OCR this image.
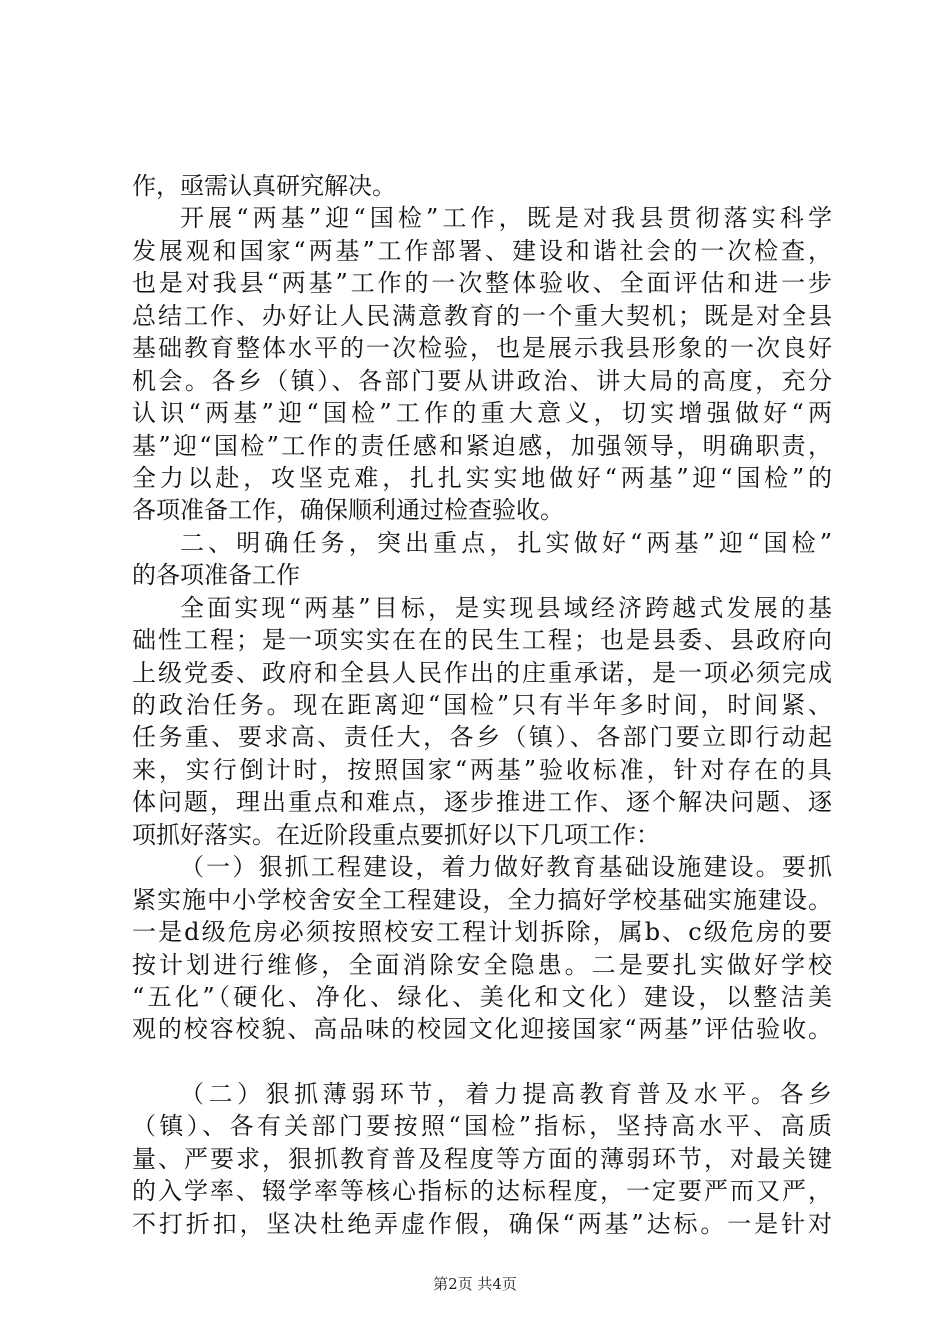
作，亟需认真研究解决。
开展“两基”迎“国检”工作，既是对我县贯彻落实科学
发展观和国家“两基”工作部署、建设和谐社会的一次检查，
也是对我县“两基”工作的一次整体验收、全面评估和进一步
总结工作、办好让人民满意教育的一个重大契机；既是对全县
基础教育整体水平的一次检验，也是展示我县形象的一次良好
机会。各乡（镇）、各部门要从讲政治、讲大局的高度，充分
认识“两基”迎“国检”工作的重大意义，切实增强做好“两
基”迎“国检”工作的责任感和紧迫感，加强领导，明确职责，
全力以赴，攻坚克难，扎扎实实地做好“两基”迎“国检”的
各项准备工作，确保顺利通过检查验收。
二、明确任务，突出重点，扎实做好“两基”迎“国检”
的各项准备工作
全面实现“两基”目标，是实现县域经济跨越式发展的基
础性工程；是一项实实在在的民生工程；也是县委、县政府向
上级党委、政府和全县人民作出的庄重承诺，是一项必须完成
的政治任务。现在距离迎“国检”只有半年多时间，时间紧、
任务重、要求高、责任大，各乡（镇）、各部门要立即行动起
来，实行倒计时，按照国家“两基”验收标准，针对存在的具
体问题，理出重点和难点，逐步推进工作、逐个解决问题、逐
项抓好落实。在近阶段重点要抓好以下几项工作：
（一）狠抓工程建设，着力做好教育基础设施建设。要抓
紧实施中小学校舍安全工程建设，全力搞好学校基础实施建设。
一是d级危房必须按照校安工程计划拆除，属b、c级危房的要
按计划进行维修，全面消除安全隐患。二是要扎实做好学校
“五化”（硬化、净化、绿化、美化和文化）建设，以整洁美
观的校容校貌、高品味的校园文化迎接国家“两基”评估验收。
（二）狠抓薄弱环节，着力提高教育普及水平。各乡
（镇）、各有关部门要按照“国检”指标，坚持高水平、高质
量、严要求，狠抓教育普及程度等方面的薄弱环节，对最关键
的入学率、辍学率等核心指标的达标程度，一定要严而又严，
不打折扣，坚决杜绝弄虚作假，确保“两基”达标。一是针对
第2页 共4页
